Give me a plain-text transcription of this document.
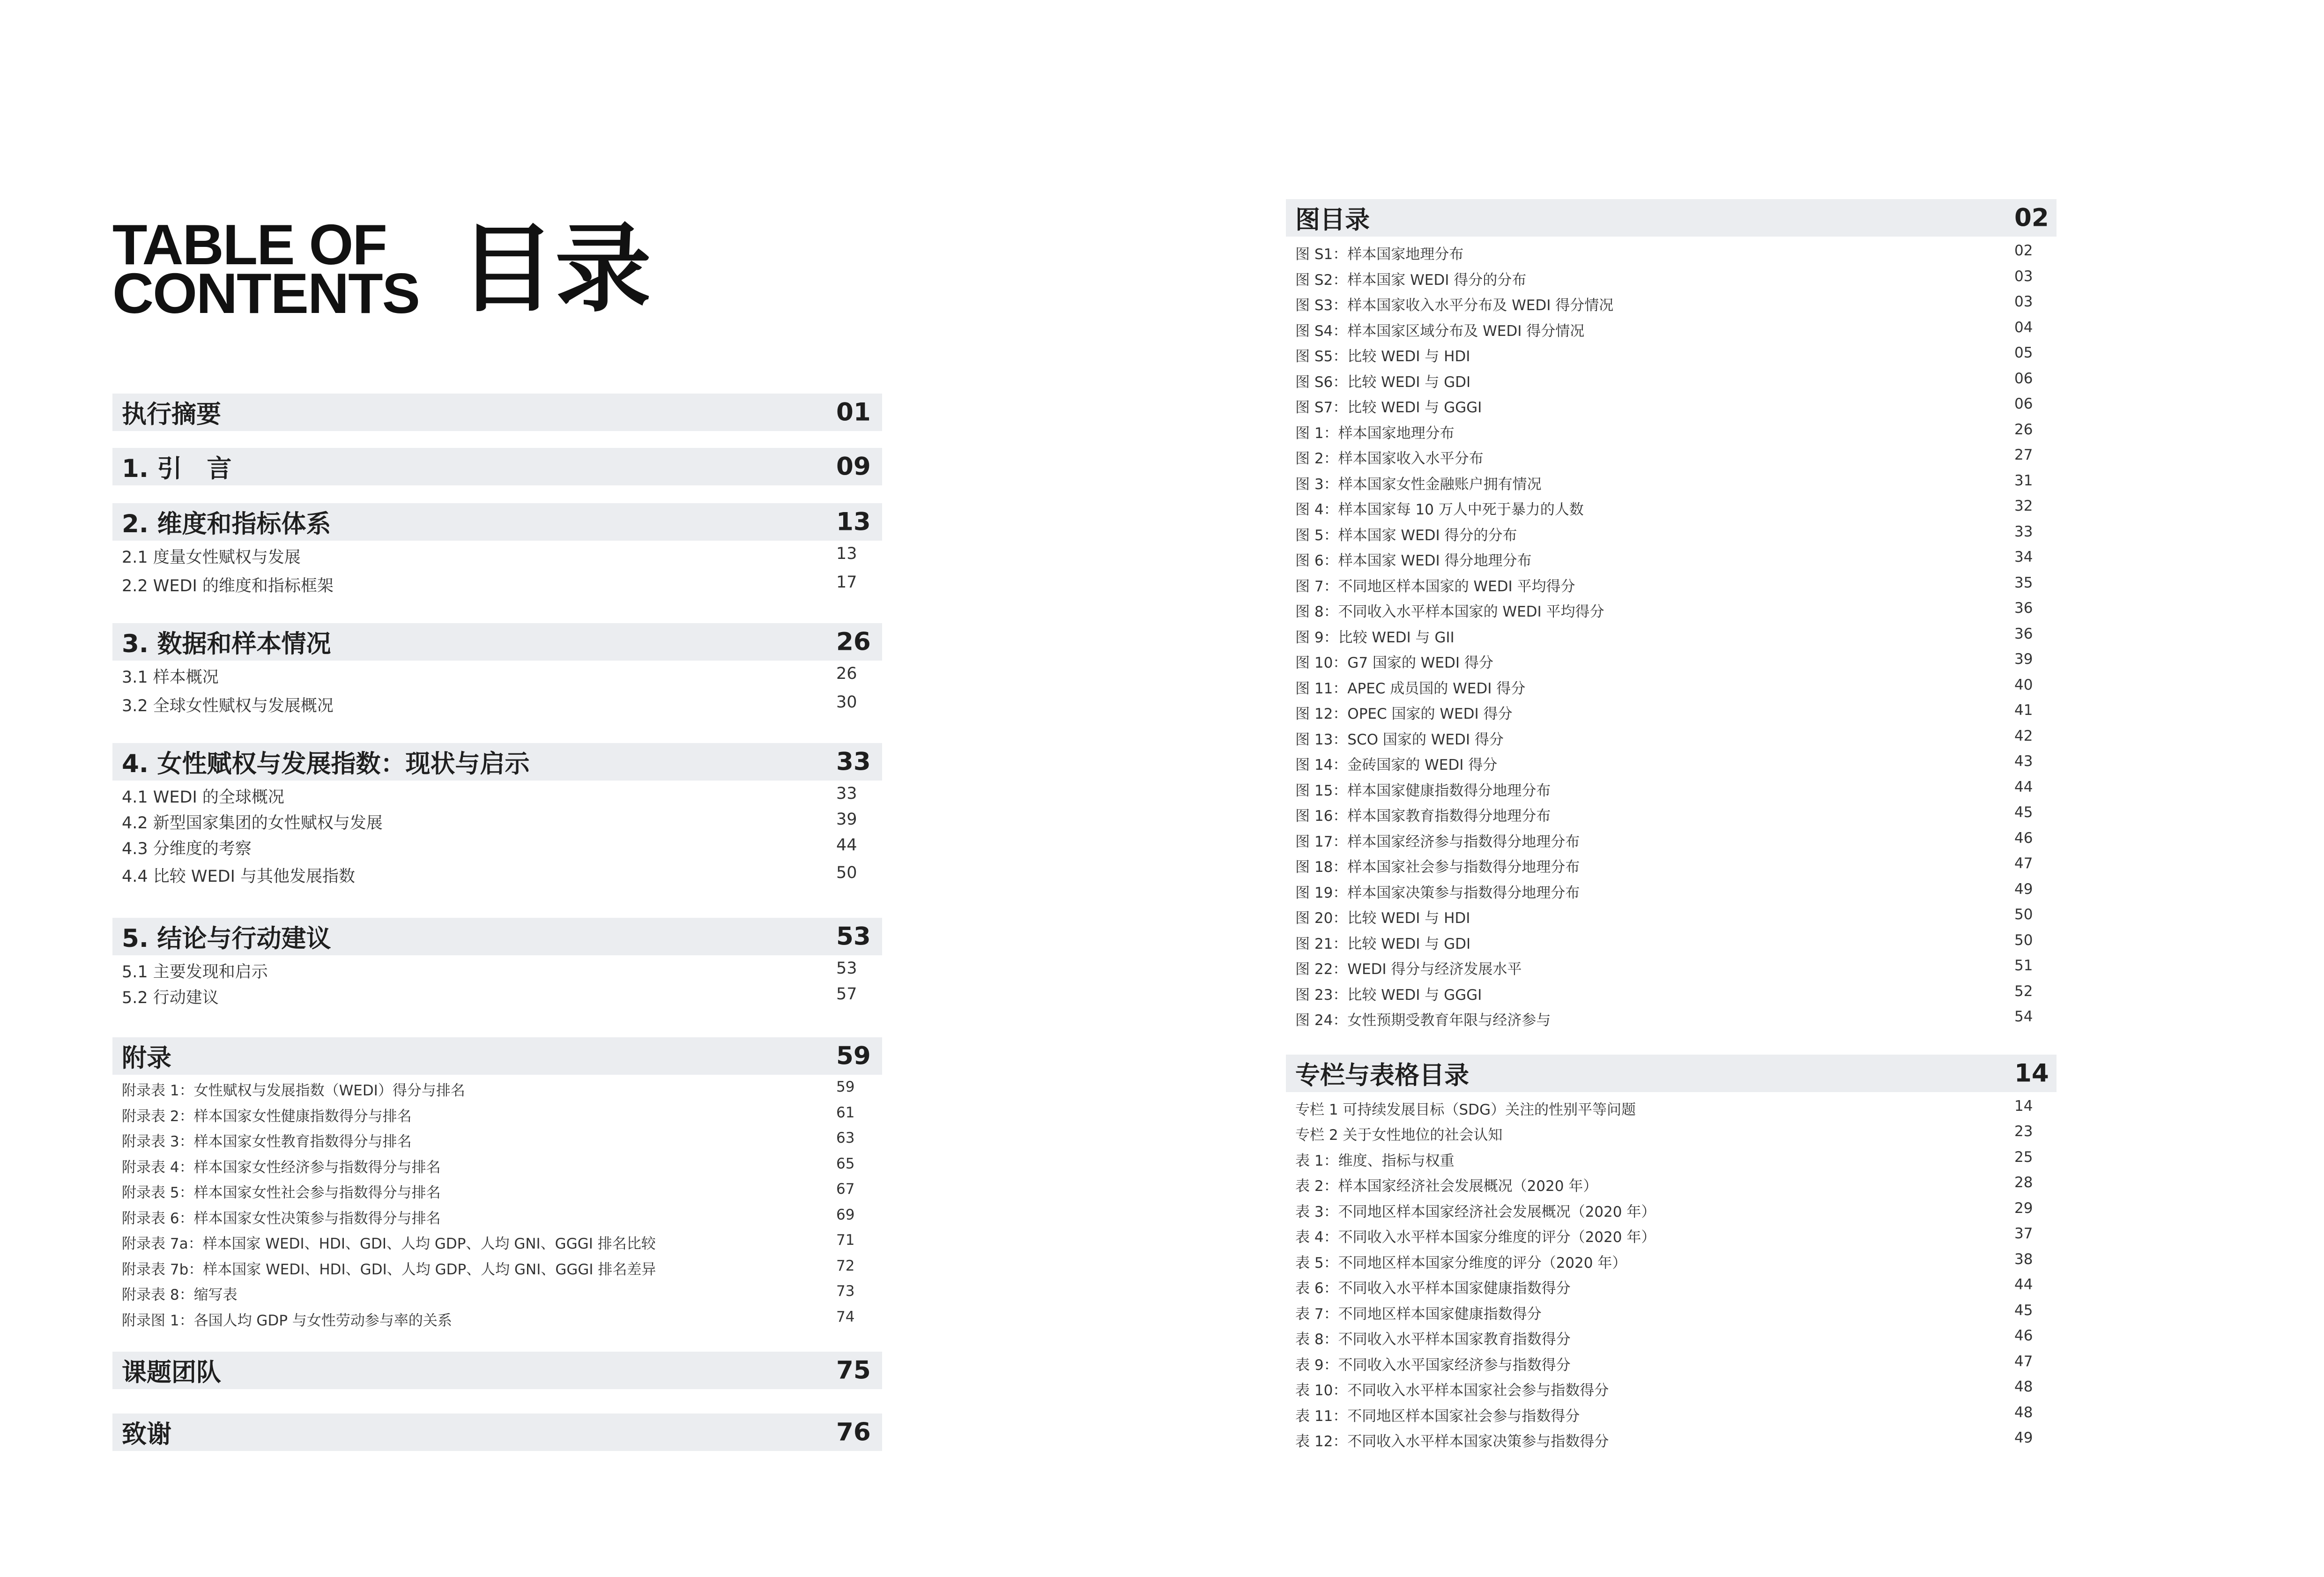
TABLE OF
CONTENTS 目录
执行摘要	01
1. 引　言	09
2. 维度和指标体系	13
2.1 度量女性赋权与发展	13
2.2 WEDI 的维度和指标框架	17
3. 数据和样本情况	26
3.1 样本概况	26
3.2 全球女性赋权与发展概况	30
4. 女性赋权与发展指数：现状与启示	33
4.1 WEDI 的全球概况	33
4.2 新型国家集团的女性赋权与发展	39
4.3 分维度的考察	44
4.4 比较 WEDI 与其他发展指数	50
5. 结论与行动建议	53
5.1 主要发现和启示	53
5.2 行动建议	57
附录	59
附录表 1：女性赋权与发展指数（WEDI）得分与排名	59
附录表 2：样本国家女性健康指数得分与排名	61
附录表 3：样本国家女性教育指数得分与排名	63
附录表 4：样本国家女性经济参与指数得分与排名	65
附录表 5：样本国家女性社会参与指数得分与排名	67
附录表 6：样本国家女性决策参与指数得分与排名	69
附录表 7a：样本国家 WEDI、HDI、GDI、人均 GDP、人均 GNI、GGGI 排名比较	71
附录表 7b：样本国家 WEDI、HDI、GDI、人均 GDP、人均 GNI、GGGI 排名差异	72
附录表 8：缩写表	73
附录图 1：各国人均 GDP 与女性劳动参与率的关系	74
课题团队	75
致谢	76
图目录	02
图 S1：样本国家地理分布	02
图 S2：样本国家 WEDI 得分的分布	03
图 S3：样本国家收入水平分布及 WEDI 得分情况	03
图 S4：样本国家区域分布及 WEDI 得分情况	04
图 S5：比较 WEDI 与 HDI	05
图 S6：比较 WEDI 与 GDI	06
图 S7：比较 WEDI 与 GGGI	06
图 1：样本国家地理分布	26
图 2：样本国家收入水平分布	27
图 3：样本国家女性金融账户拥有情况	31
图 4：样本国家每 10 万人中死于暴力的人数	32
图 5：样本国家 WEDI 得分的分布	33
图 6：样本国家 WEDI 得分地理分布	34
图 7：不同地区样本国家的 WEDI 平均得分	35
图 8：不同收入水平样本国家的 WEDI 平均得分	36
图 9：比较 WEDI 与 GII	36
图 10：G7 国家的 WEDI 得分	39
图 11：APEC 成员国的 WEDI 得分	40
图 12：OPEC 国家的 WEDI 得分	41
图 13：SCO 国家的 WEDI 得分	42
图 14：金砖国家的 WEDI 得分	43
图 15：样本国家健康指数得分地理分布	44
图 16：样本国家教育指数得分地理分布	45
图 17：样本国家经济参与指数得分地理分布	46
图 18：样本国家社会参与指数得分地理分布	47
图 19：样本国家决策参与指数得分地理分布	49
图 20：比较 WEDI 与 HDI	50
图 21：比较 WEDI 与 GDI	50
图 22：WEDI 得分与经济发展水平	51
图 23：比较 WEDI 与 GGGI	52
图 24：女性预期受教育年限与经济参与	54
专栏与表格目录	14
专栏 1 可持续发展目标（SDG）关注的性别平等问题	14
专栏 2 关于女性地位的社会认知	23
表 1：维度、指标与权重	25
表 2：样本国家经济社会发展概况（2020 年）	28
表 3：不同地区样本国家经济社会发展概况（2020 年）	29
表 4：不同收入水平样本国家分维度的评分（2020 年）	37
表 5：不同地区样本国家分维度的评分（2020 年）	38
表 6：不同收入水平样本国家健康指数得分	44
表 7：不同地区样本国家健康指数得分	45
表 8：不同收入水平样本国家教育指数得分	46
表 9：不同收入水平国家经济参与指数得分	47
表 10：不同收入水平样本国家社会参与指数得分	48
表 11：不同地区样本国家社会参与指数得分	48
表 12：不同收入水平样本国家决策参与指数得分	49
